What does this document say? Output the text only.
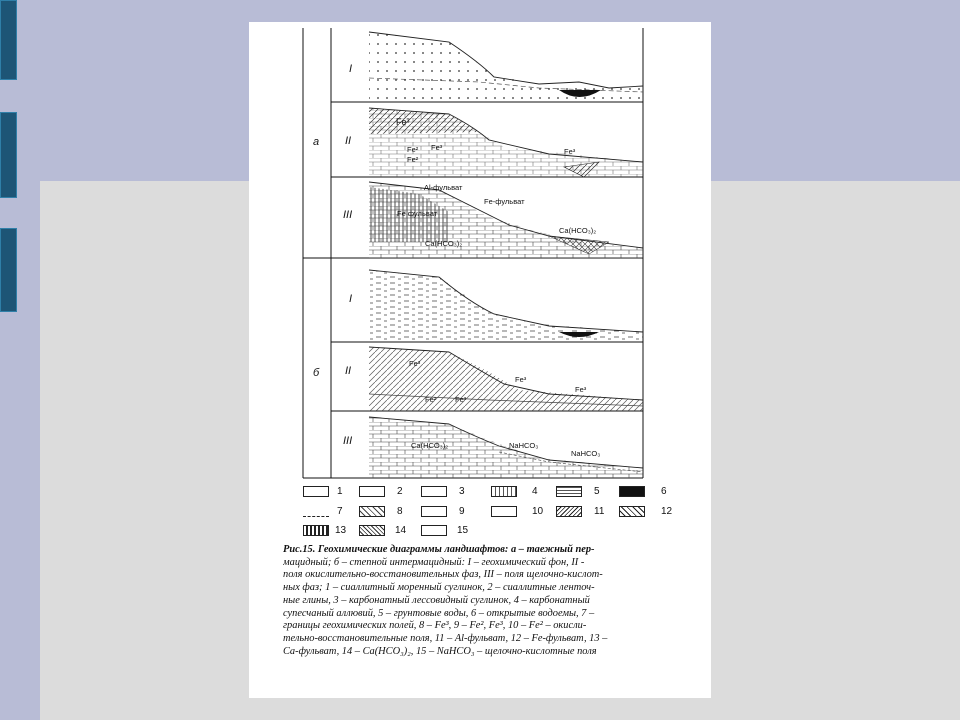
а
б
I
II
III
I
II
III
Fe³
Fe² Fe³
Fe²
Fe³
Al-фульват
Fe-фульват
Fe фульват
Ca(HCO₃)₂
Ca(HCO₃)₂
Fe³
Fe²	Fe³
Fe³
Fe³
Ca(HCO₃)₂	NaHCO₃
NaHCO₃
1	2	3	4	5	6
7	8	9	10	11	12
13	14	15
Рис.15. Геохимические диаграммы ландшафтов: а – таежный пер-
мацидный; б – степной интермацидный: I – геохимический фон, II -
поля окислительно-восстановительных фаз, III – поля щелочно-кислот-
ных фаз; 1 – сиаллитный моренный суглинок, 2 – сиаллитные ленточ-
ные глины, 3 – карбонатный лессовидный суглинок, 4 – карбонатный
супесчаный аллювий, 5 – грунтовые воды, 6 – открытые водоемы, 7 –
границы геохимических полей, 8 – Fe³, 9 – Fe², Fe³, 10 – Fe² – окисли-
тельно-восстановительные поля, 11 – Al-фульват, 12 – Fe-фульват, 13 –
Ca-фульват, 14 – Ca(HCO₃)₂, 15 – NaHCO₃ – щелочно-кислотные поля
